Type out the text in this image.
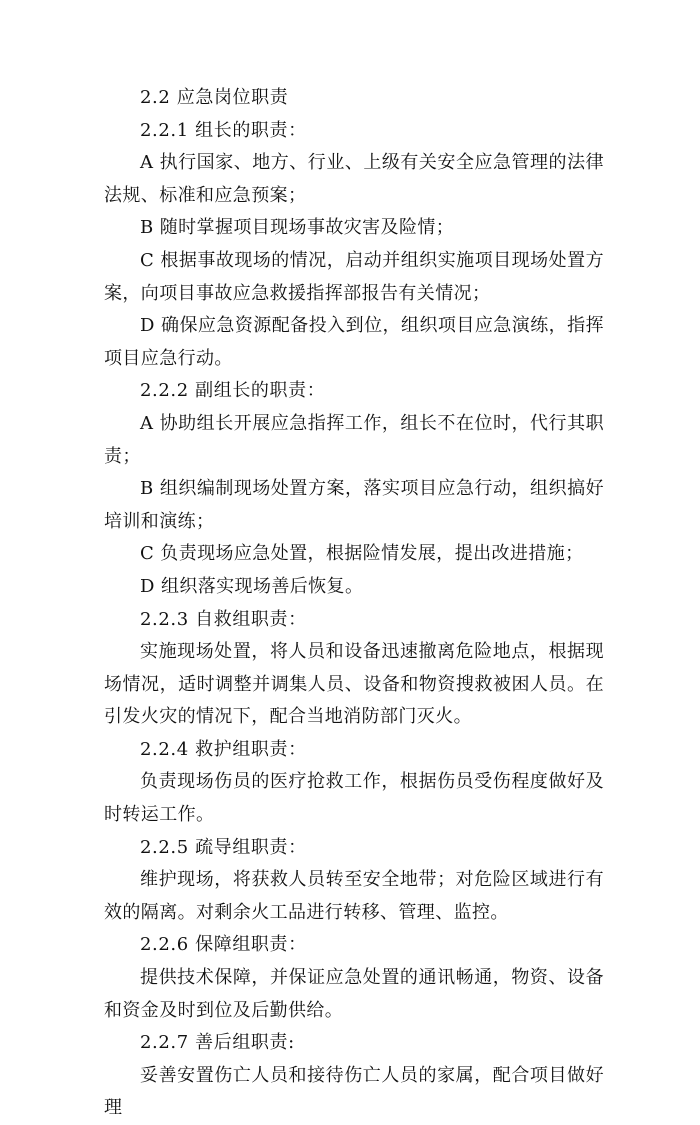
2.2 应急岗位职责

2.2.1 组长的职责：

A 执行国家、地方、行业、上级有关安全应急管理的法律法规、标准和应急预案；

B 随时掌握项目现场事故灾害及险情；

C 根据事故现场的情况，启动并组织实施项目现场处置方案，向项目事故应急救援指挥部报告有关情况；

D 确保应急资源配备投入到位，组织项目应急演练，指挥项目应急行动。

2.2.2 副组长的职责：

A 协助组长开展应急指挥工作，组长不在位时，代行其职责；

B 组织编制现场处置方案，落实项目应急行动，组织搞好培训和演练；

C 负责现场应急处置，根据险情发展，提出改进措施；

D 组织落实现场善后恢复。

2.2.3 自救组职责：

实施现场处置，将人员和设备迅速撤离危险地点，根据现场情况，适时调整并调集人员、设备和物资搜救被困人员。在引发火灾的情况下，配合当地消防部门灭火。

2.2.4 救护组职责：

负责现场伤员的医疗抢救工作，根据伤员受伤程度做好及时转运工作。

2.2.5 疏导组职责：

维护现场，将获救人员转至安全地带；对危险区域进行有效的隔离。对剩余火工品进行转移、管理、监控。

2.2.6 保障组职责：

提供技术保障，并保证应急处置的通讯畅通，物资、设备和资金及时到位及后勤供给。

2.2.7 善后组职责:

妥善安置伤亡人员和接待伤亡人员的家属，配合项目做好理
